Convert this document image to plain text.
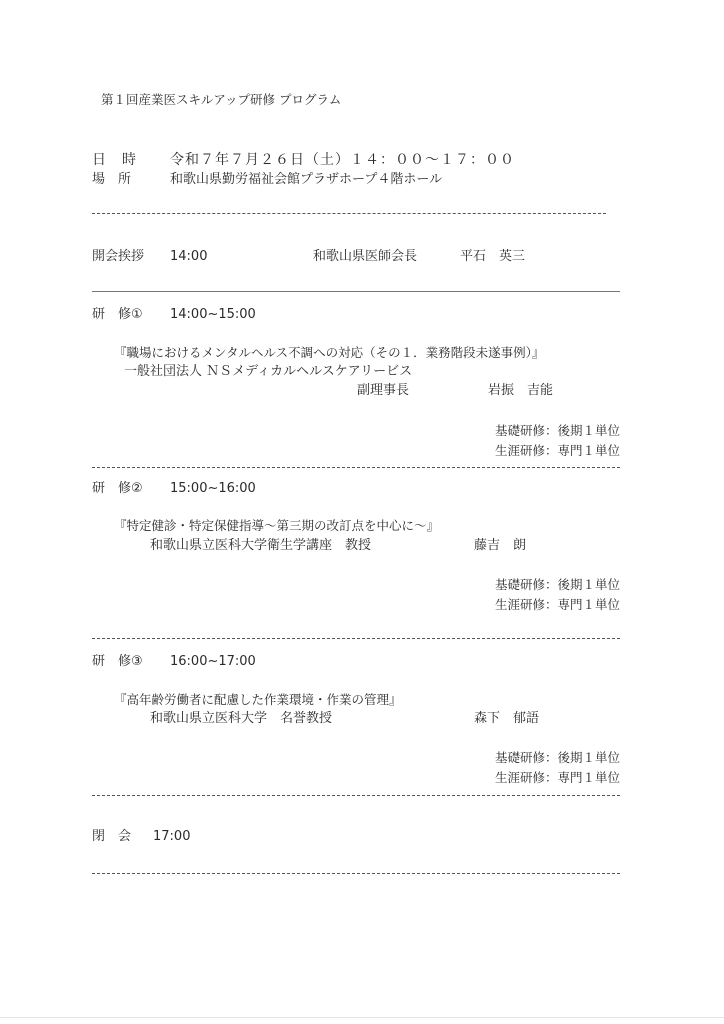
第１回産業医スキルアップ研修 プログラム
日　時 令和７年７月２６日（土）１４：００～１７：００
場　所	和歌山県勤労福祉会館プラザホープ４階ホール
開会挨拶 14:00	和歌山県医師会長	平石　英三
研　修① 14:00~15:00
『職場におけるメンタルヘルス不調への対応（その１．業務階段未遂事例）』
一般社団法人 ＮＳメディカルヘルスケアリービス
副理事長	岩振　吉能
基礎研修：後期１単位
生涯研修：専門１単位
研　修② 15:00~16:00
『特定健診・特定保健指導～第三期の改訂点を中心に～』
和歌山県立医科大学衛生学講座　教授	藤吉　朗
基礎研修：後期１単位
生涯研修：専門１単位
研　修③ 16:00~17:00
『高年齢労働者に配慮した作業環境・作業の管理』
和歌山県立医科大学　名誉教授	森下　郁語
基礎研修：後期１単位
生涯研修：専門１単位
閉　会 17:00
